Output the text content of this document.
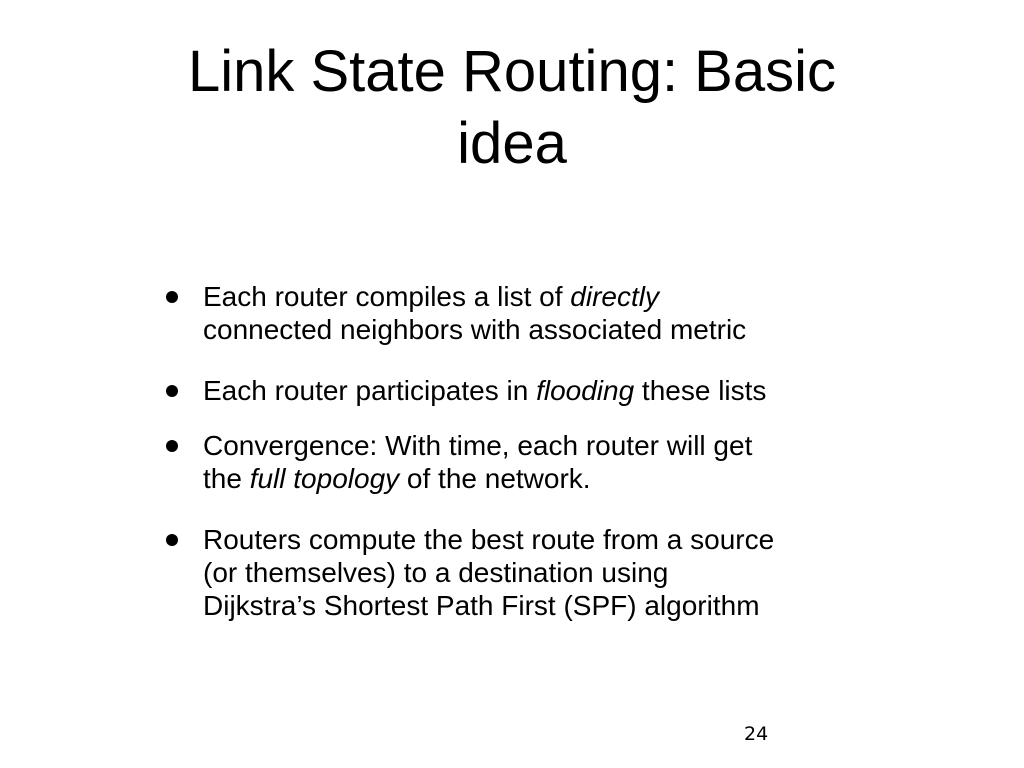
Link State Routing: Basic
idea
Each router compiles a list of directly
connected neighbors with associated metric
Each router participates in flooding these lists
Convergence: With time, each router will get
the full topology of the network.
Routers compute the best route from a source
(or themselves) to a destination using
Dijkstra’s Shortest Path First (SPF) algorithm
24
